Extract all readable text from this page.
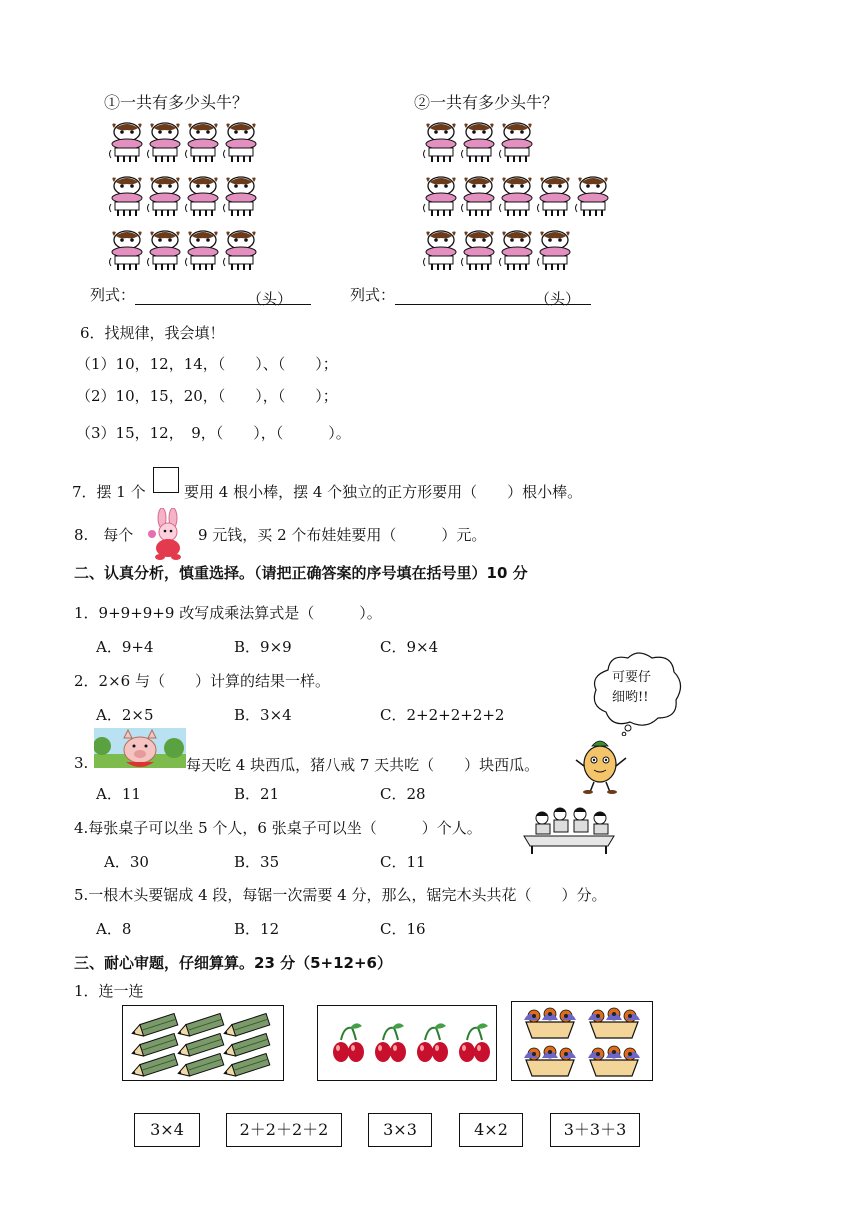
①一共有多少头牛？	②一共有多少头牛？
列式：	（头）	列式：	（头）
6．找规律，我会填！
（1）10，12，14，（　　）、（　　）；
（2）10，15，20，（　　），（　　）；
（3）15，12，　9，（　　），（　　　）。
7．摆 1 个	要用 4 根小棒，摆 4 个独立的正方形要用（　　）根小棒。
8.　每个	9 元钱，买 2 个布娃娃要用（　　　）元。
二、认真分析，慎重选择。（请把正确答案的序号填在括号里）10 分
1．9+9+9+9 改写成乘法算式是（　　　）。
A．9+4	B．9×9	C．9×4
2．2×6 与（　　）计算的结果一样。
A．2×5	B．3×4	C．2+2+2+2+2
可要仔
细哟!!
3.	每天吃 4 块西瓜，猪八戒 7 天共吃（　　）块西瓜。
A．11	B．21	C．28
4.每张桌子可以坐 5 个人，6 张桌子可以坐（　　　）个人。
A．30	B．35	C．11
5.一根木头要锯成 4 段，每锯一次需要 4 分，那么，锯完木头共花（　　）分。
A．8	B．12	C．16
三、耐心审题，仔细算算。23 分（5+12+6）
1．连一连
3×4	2＋2＋2＋2	3×3	4×2	3＋3＋3
